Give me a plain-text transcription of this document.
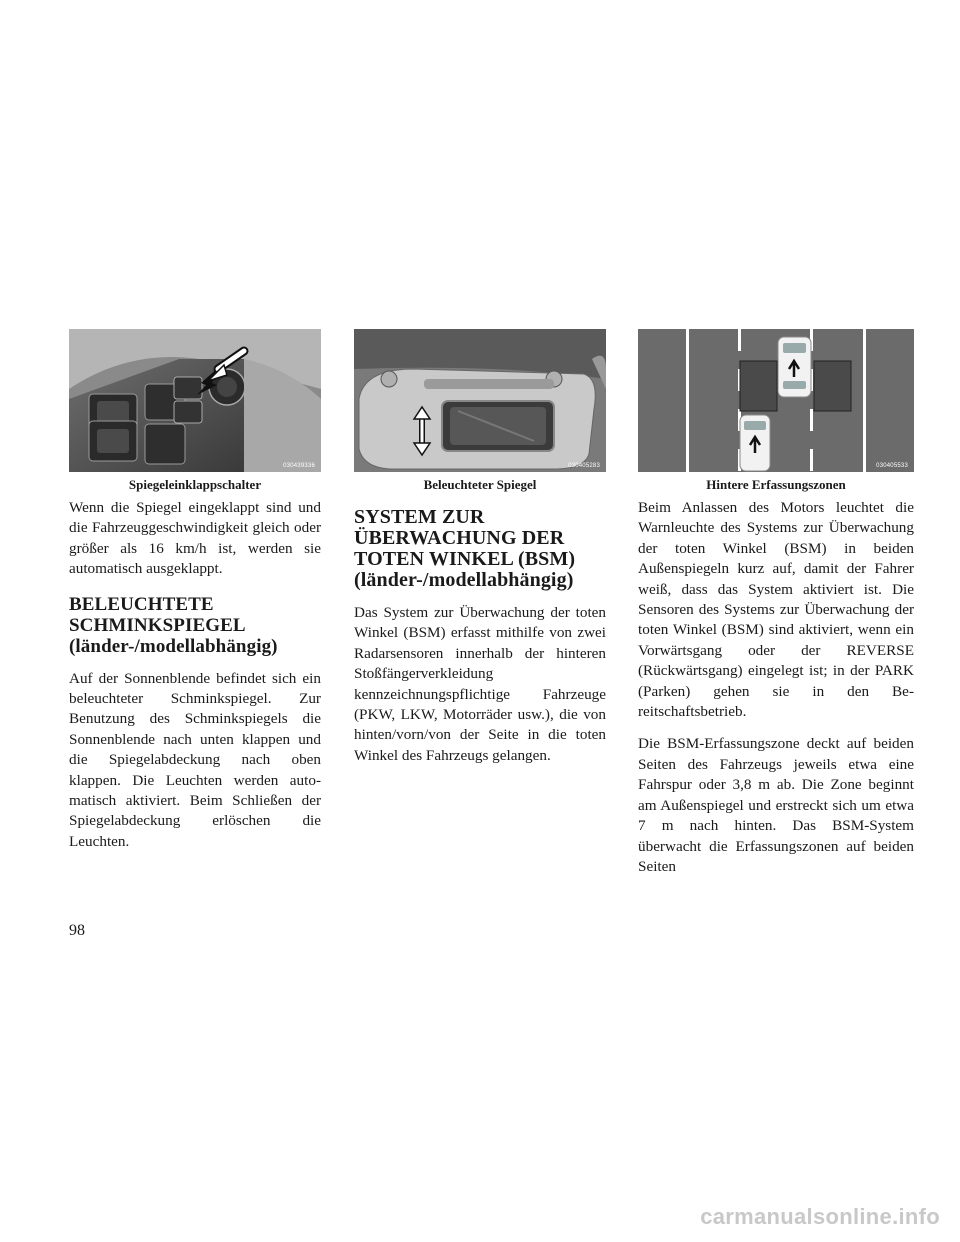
030439336
Spiegeleinklappschalter

Wenn die Spiegel eingeklappt sind und die Fahrzeuggeschwindigkeit gleich oder größer als 16 km/h ist, werden sie automatisch ausgeklappt.

BELEUCHTETE SCHMINKSPIEGEL (länder-/modellabhängig)

Auf der Sonnenblende befindet sich ein beleuchteter Schminkspiegel. Zur Benutzung des Schminkspiegels die Sonnenblende nach unten klappen und die Spiegelabdeckung nach oben klappen. Die Leuchten werden automatisch aktiviert. Beim Schließen der Spiegelabdeckung erlöschen die Leuchten.

030405283
Beleuchteter Spiegel
SYSTEM ZUR ÜBERWACHUNG DER TOTEN WINKEL (BSM) (länder-/modellabhängig)

Das System zur Überwachung der toten Winkel (BSM) erfasst mithilfe von zwei Radarsensoren innerhalb der hinteren Stoßfängerverkleidung kennzeichnungspflichtige Fahrzeuge (PKW, LKW, Motorräder usw.), die von hinten/vorn/von der Seite in die toten Winkel des Fahrzeugs gelangen.

030405533
Hintere Erfassungszonen

Beim Anlassen des Motors leuchtet die Warnleuchte des Systems zur Überwachung der toten Winkel (BSM) in beiden Außenspiegeln kurz auf, damit der Fahrer weiß, dass das System aktiviert ist. Die Sensoren des Systems zur Überwachung der toten Winkel (BSM) sind aktiviert, wenn ein Vorwärtsgang oder der REVERSE (Rückwärtsgang) eingelegt ist; in der PARK (Parken) gehen sie in den Bereitschaftsbetrieb.

Die BSM-Erfassungszone deckt auf beiden Seiten des Fahrzeugs jeweils etwa eine Fahrspur oder 3,8 m ab. Die Zone beginnt am Außenspiegel und erstreckt sich um etwa 7 m nach hinten. Das BSM-System überwacht die Erfassungszonen auf beiden Seiten

98
carmanualsonline.info
